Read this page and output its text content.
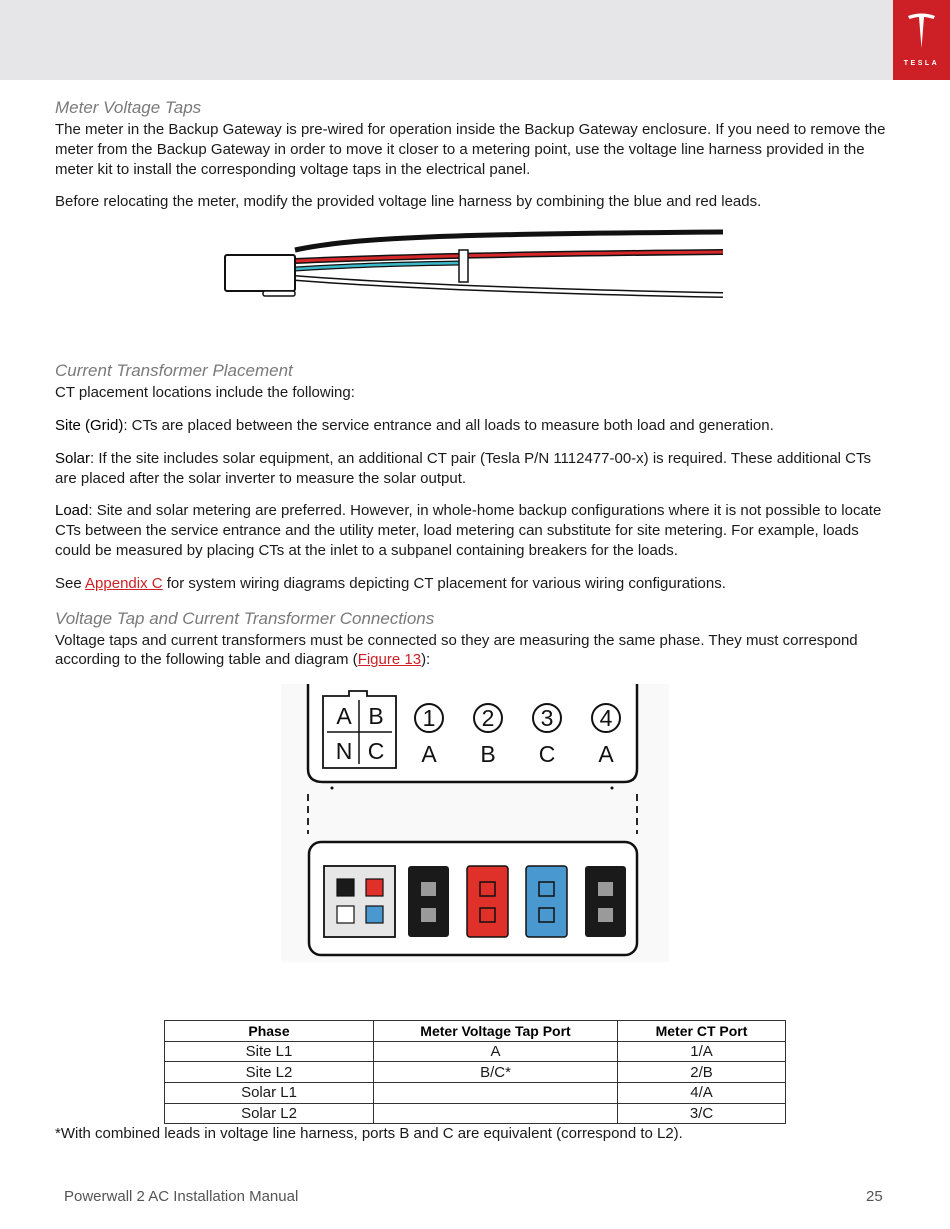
TESLA
Meter Voltage Taps

The meter in the Backup Gateway is pre-wired for operation inside the Backup Gateway enclosure. If you need to remove the meter from the Backup Gateway in order to move it closer to a metering point, use the voltage line harness provided in the meter kit to install the corresponding voltage taps in the electrical panel.

Before relocating the meter, modify the provided voltage line harness by combining the blue and red leads.

Current Transformer Placement

CT placement locations include the following:

Site (Grid): CTs are placed between the service entrance and all loads to measure both load and generation.

Solar: If the site includes solar equipment, an additional CT pair (Tesla P/N 1112477-00-x) is required. These additional CTs are placed after the solar inverter to measure the solar output.

Load: Site and solar metering are preferred. However, in whole-home backup configurations where it is not possible to locate CTs between the service entrance and the utility meter, load metering can substitute for site metering. For example, loads could be measured by placing CTs at the inlet to a subpanel containing breakers for the loads.

See Appendix C for system wiring diagrams depicting CT placement for various wiring configurations.

Voltage Tap and Current Transformer Connections

Voltage taps and current transformers must be connected so they are measuring the same phase. They must correspond according to the following table and diagram (Figure 13):

A B
N C
1
A
2
B
3
C
4
A
Phase	Meter Voltage Tap Port	Meter CT Port
Site L1	A	1/A
Site L2	B/C*	2/B
Solar L1		4/A
Solar L2		3/C

*With combined leads in voltage line harness, ports B and C are equivalent (correspond to L2).

Powerwall 2 AC Installation Manual	25
